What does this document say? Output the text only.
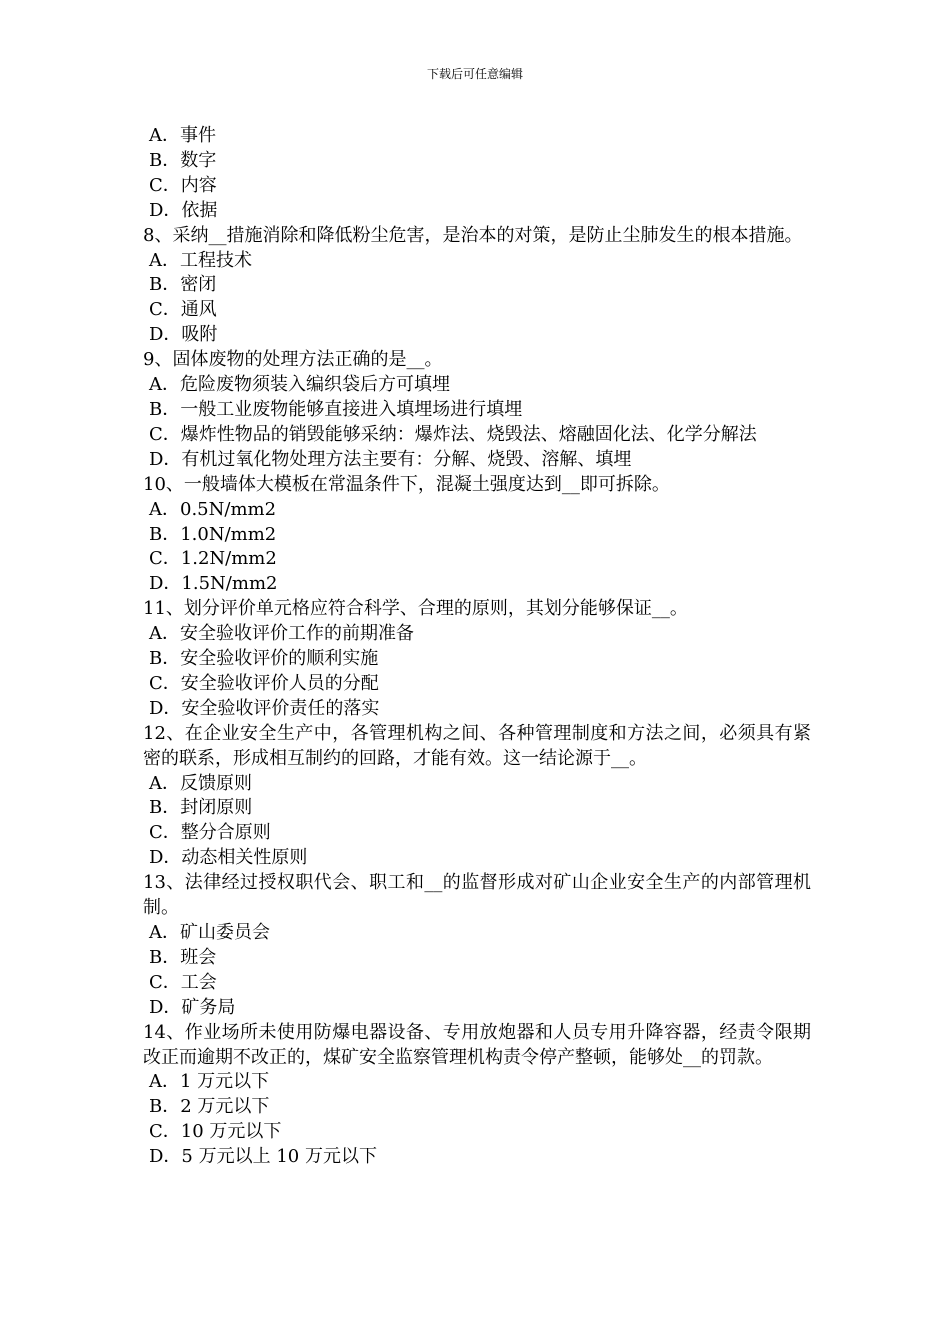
下载后可任意编辑

A．事件

B．数字

C．内容

D．依据

8、采纳__措施消除和降低粉尘危害，是治本的对策，是防止尘肺发生的根本措施。

A．工程技术

B．密闭

C．通风

D．吸附

9、固体废物的处理方法正确的是__。

A．危险废物须装入编织袋后方可填埋

B．一般工业废物能够直接进入填埋场进行填埋

C．爆炸性物品的销毁能够采纳：爆炸法、烧毁法、熔融固化法、化学分解法

D．有机过氧化物处理方法主要有：分解、烧毁、溶解、填埋

10、一般墙体大模板在常温条件下，混凝土强度达到__即可拆除。

A．0.5N/mm2

B．1.0N/mm2

C．1.2N/mm2

D．1.5N/mm2

11、划分评价单元格应符合科学、合理的原则，其划分能够保证__。

A．安全验收评价工作的前期准备

B．安全验收评价的顺利实施

C．安全验收评价人员的分配

D．安全验收评价责任的落实

12、在企业安全生产中，各管理机构之间、各种管理制度和方法之间，必须具有紧密的联系，形成相互制约的回路，才能有效。这一结论源于__。

A．反馈原则

B．封闭原则

C．整分合原则

D．动态相关性原则

13、法律经过授权职代会、职工和__的监督形成对矿山企业安全生产的内部管理机制。

A．矿山委员会

B．班会

C．工会

D．矿务局

14、作业场所未使用防爆电器设备、专用放炮器和人员专用升降容器，经责令限期改正而逾期不改正的，煤矿安全监察管理机构责令停产整顿，能够处__的罚款。

A．1 万元以下

B．2 万元以下

C．10 万元以下

D．5 万元以上 10 万元以下
